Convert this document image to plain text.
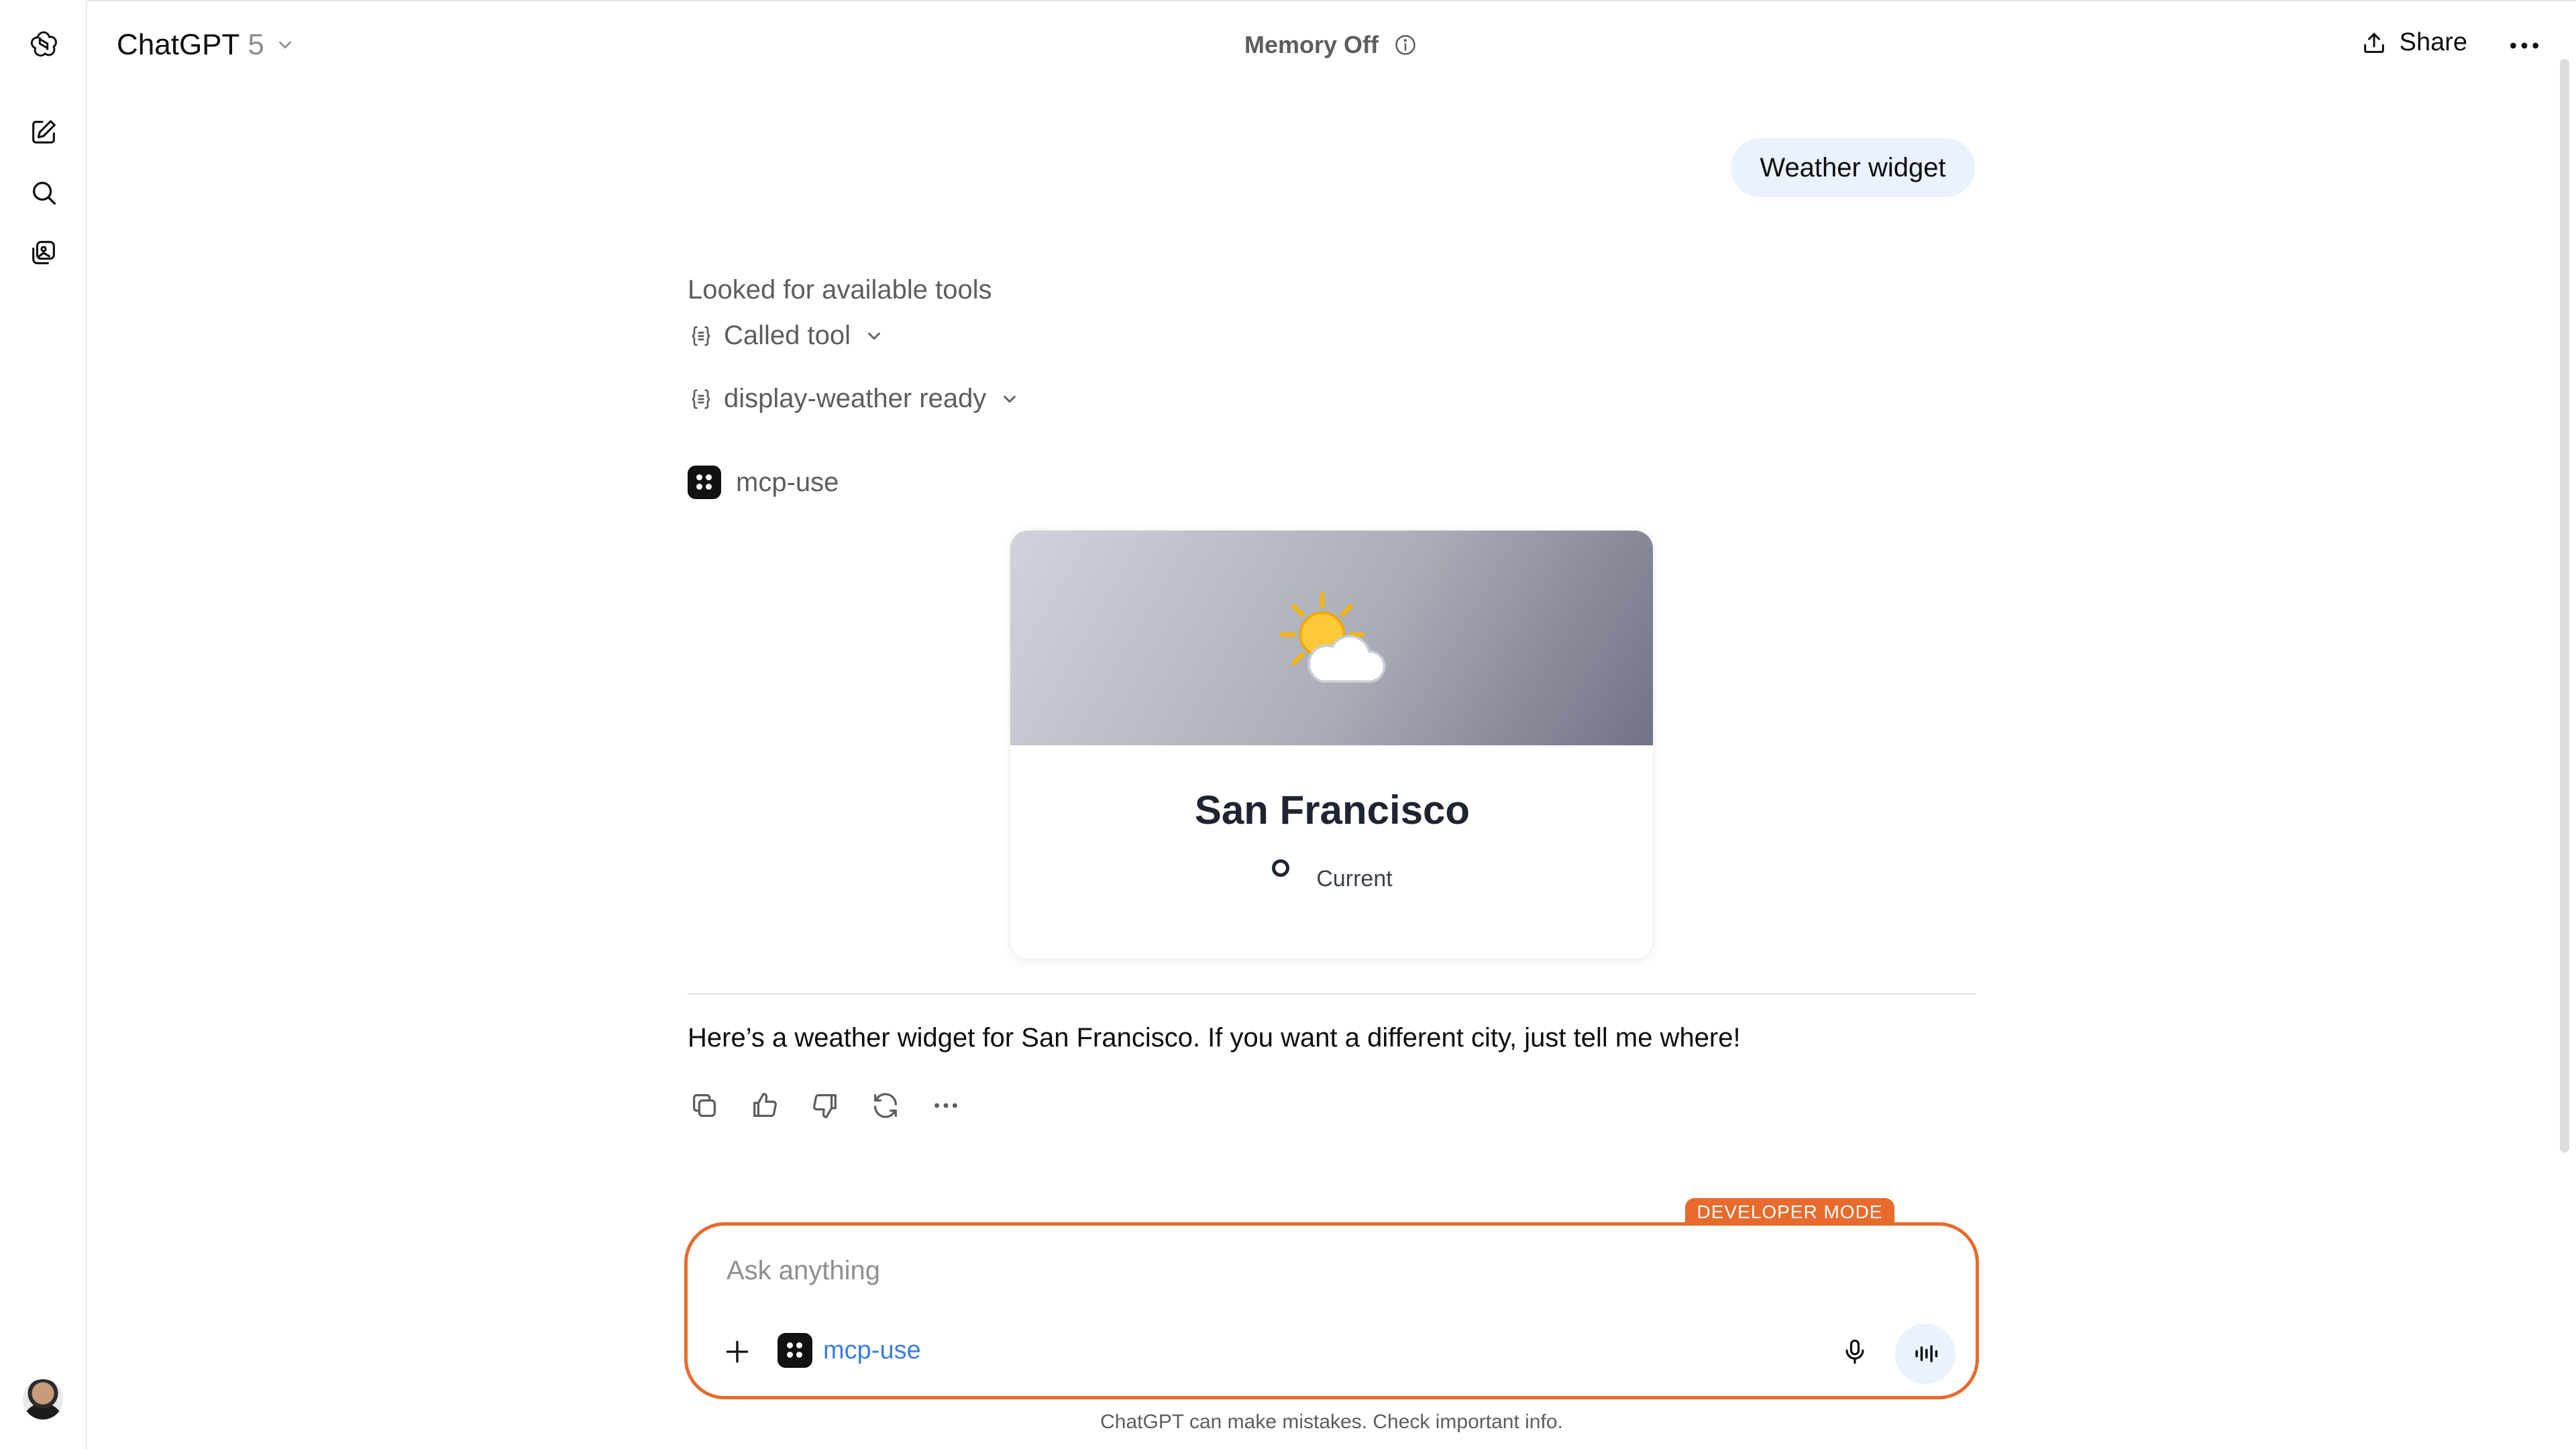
ChatGPT 5	Memory Off	Share
Weather widget
Looked for available tools
Called tool
display-weather ready
mcp-use
San Francisco
Current
Here’s a weather widget for San Francisco. If you want a different city, just tell me where!
DEVELOPER MODE
Ask anything
mcp-use
ChatGPT can make mistakes. Check important info.
